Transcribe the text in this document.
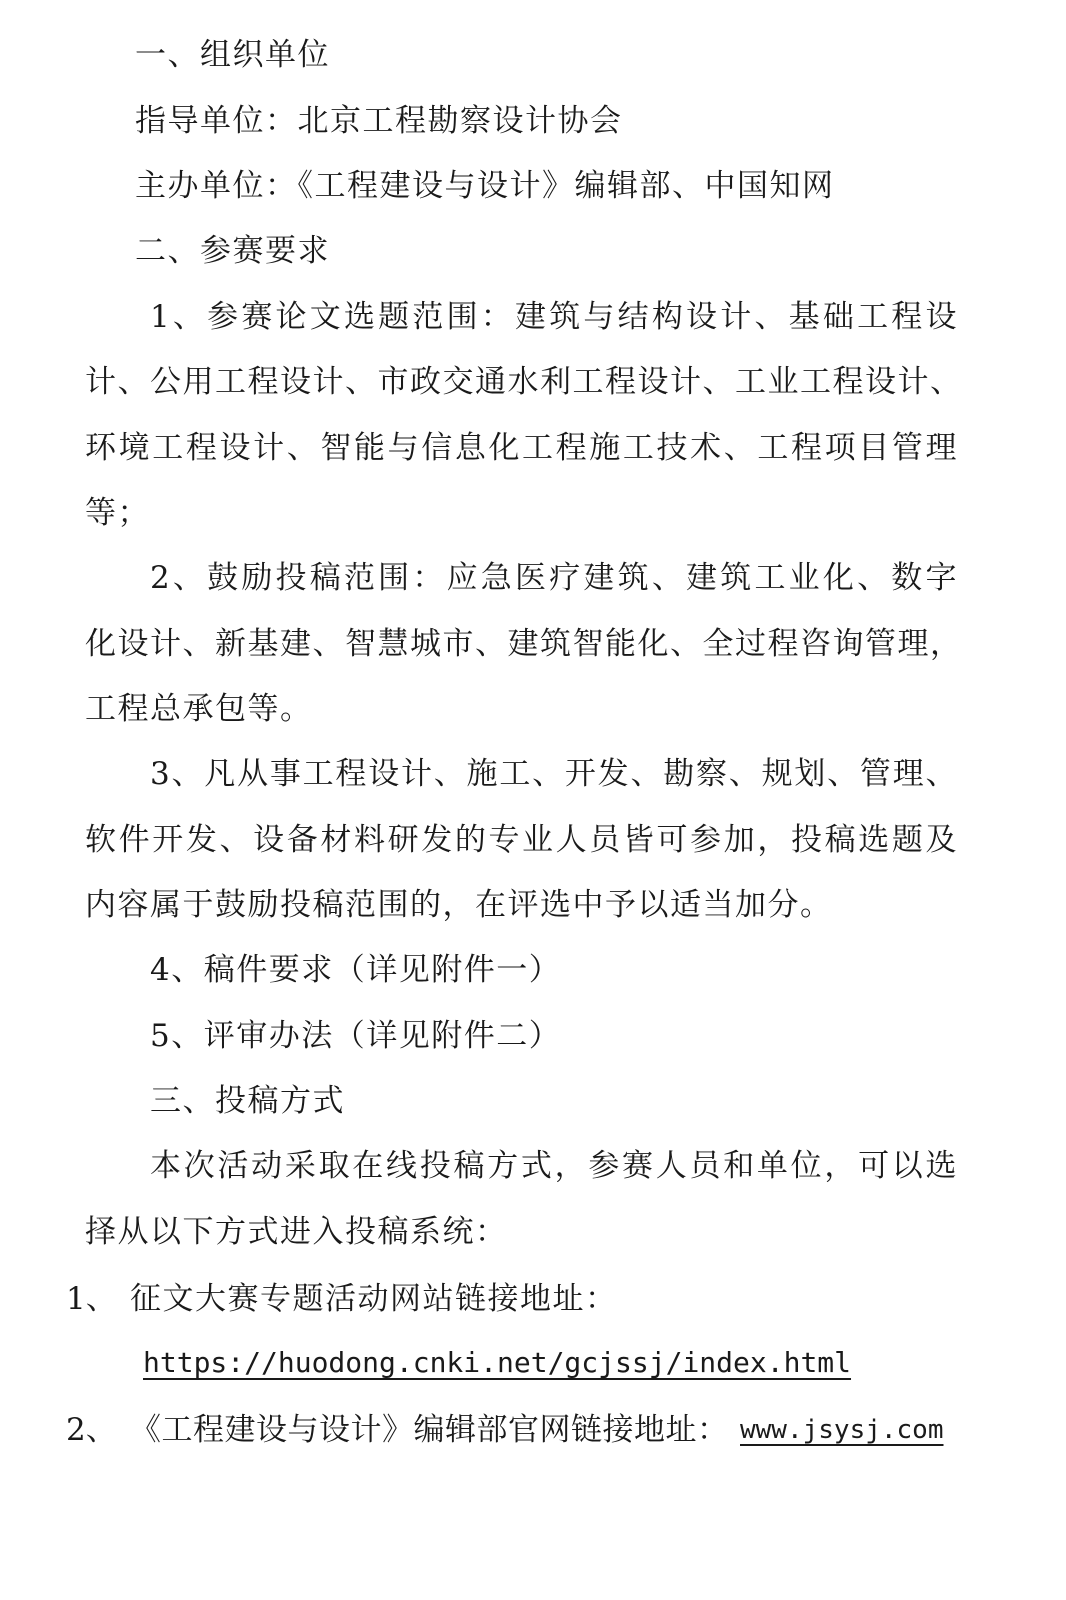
一、组织单位

指导单位：北京工程勘察设计协会

主办单位：《工程建设与设计》编辑部、中国知网

二、参赛要求

1、参赛论文选题范围：建筑与结构设计、基础工程设

计、公用工程设计、市政交通水利工程设计、工业工程设计、

环境工程设计、智能与信息化工程施工技术、工程项目管理

等；

2、鼓励投稿范围：应急医疗建筑、建筑工业化、数字

化设计、新基建、智慧城市、建筑智能化、全过程咨询管理，

工程总承包等。

3、凡从事工程设计、施工、开发、勘察、规划、管理、

软件开发、设备材料研发的专业人员皆可参加，投稿选题及

内容属于鼓励投稿范围的，在评选中予以适当加分。

4、稿件要求（详见附件一）

5、评审办法（详见附件二）

三、投稿方式

本次活动采取在线投稿方式，参赛人员和单位，可以选

择从以下方式进入投稿系统：

1、 征文大赛专题活动网站链接地址：

https://huodong.cnki.net/gcjssj/index.html
2、 《工程建设与设计》编辑部官网链接地址： www.jsysj.com
